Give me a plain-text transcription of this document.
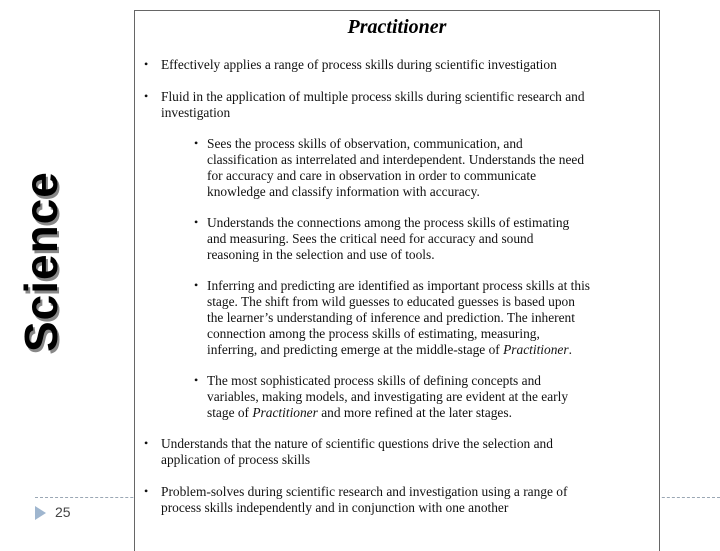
Science
25
Practitioner
• Effectively applies a range of process skills during scientific investigation
• Fluid in the application of multiple process skills during scientific research and
investigation
• Sees the process skills of observation, communication, and
classification as interrelated and interdependent. Understands the need
for accuracy and care in observation in order to communicate
knowledge and classify information with accuracy.
• Understands the connections among the process skills of estimating
and measuring. Sees the critical need for accuracy and sound
reasoning in the selection and use of tools.
• Inferring and predicting are identified as important process skills at this
stage. The shift from wild guesses to educated guesses is based upon
the learner’s understanding of inference and prediction. The inherent
connection among the process skills of estimating, measuring,
inferring, and predicting emerge at the middle-stage of Practitioner.
• The most sophisticated process skills of defining concepts and
variables, making models, and investigating are evident at the early
stage of Practitioner and more refined at the later stages.
• Understands that the nature of scientific questions drive the selection and
application of process skills
• Problem-solves during scientific research and investigation using a range of
process skills independently and in conjunction with one another
